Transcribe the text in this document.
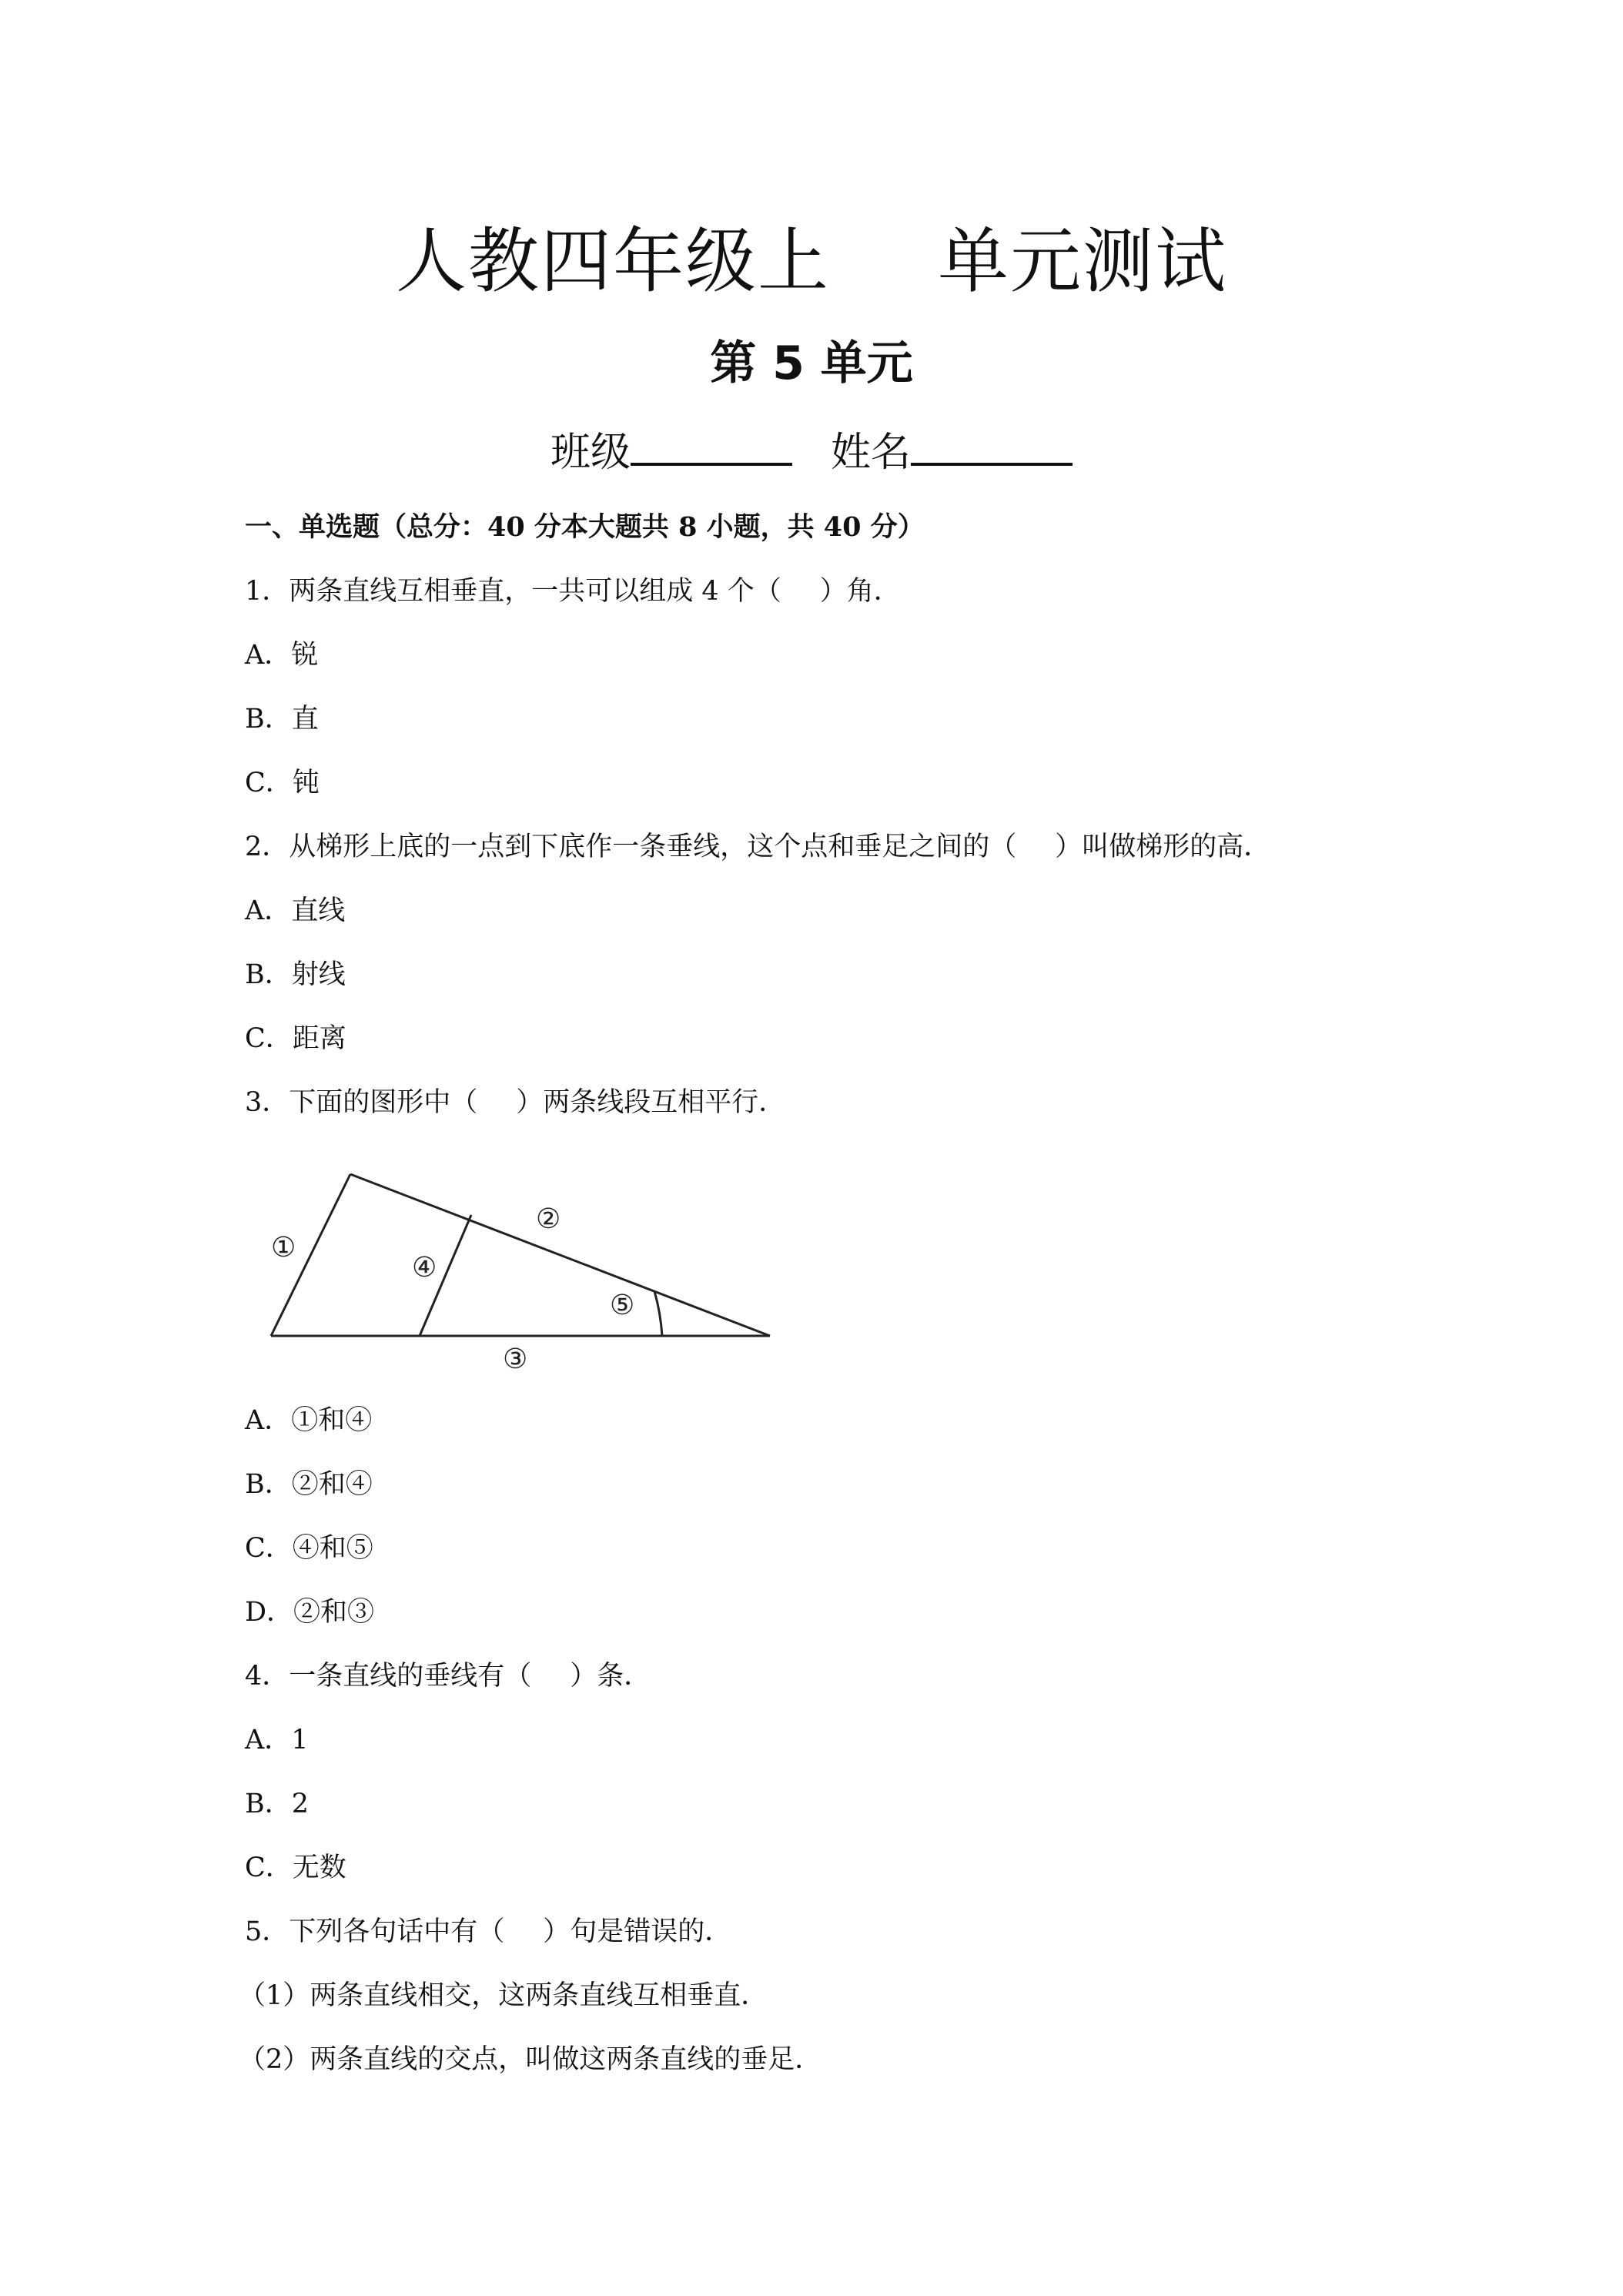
人教四年级上 单元测试
第 5 单元
班级	姓名
一、单选题（总分：40 分本大题共 8 小题，共 40 分）
1．两条直线互相垂直，一共可以组成 4 个（ ）角．
A．锐
B．直
C．钝
2．从梯形上底的一点到下底作一条垂线，这个点和垂足之间的（ ）叫做梯形的高．
A．直线
B．射线
C．距离
3．下面的图形中（ ）两条线段互相平行．
①
②
③
④
⑤
A．①和④
B．②和④
C．④和⑤
D．②和③
4．一条直线的垂线有（ ）条．
A．1
B．2
C．无数
5．下列各句话中有（ ）句是错误的．
（1）两条直线相交，这两条直线互相垂直．
（2）两条直线的交点，叫做这两条直线的垂足．
